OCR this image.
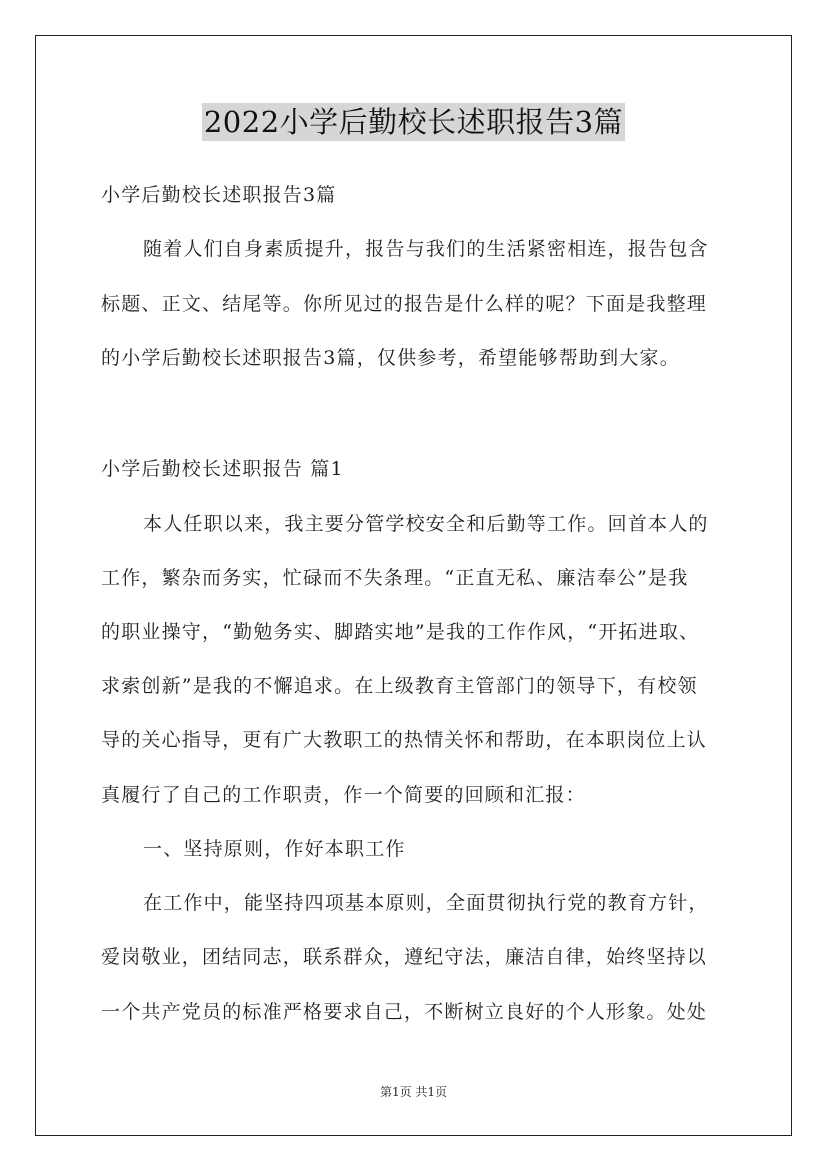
2022小学后勤校长述职报告3篇
小学后勤校长述职报告3篇
随着人们自身素质提升，报告与我们的生活紧密相连，报告包含
标题、正文、结尾等。你所见过的报告是什么样的呢？下面是我整理
的小学后勤校长述职报告3篇，仅供参考，希望能够帮助到大家。
小学后勤校长述职报告 篇1
本人任职以来，我主要分管学校安全和后勤等工作。回首本人的
工作，繁杂而务实，忙碌而不失条理。“正直无私、廉洁奉公”是我
的职业操守，“勤勉务实、脚踏实地”是我的工作作风，“开拓进取、
求索创新”是我的不懈追求。在上级教育主管部门的领导下，有校领
导的关心指导，更有广大教职工的热情关怀和帮助，在本职岗位上认
真履行了自己的工作职责，作一个简要的回顾和汇报：
一、坚持原则，作好本职工作
在工作中，能坚持四项基本原则，全面贯彻执行党的教育方针，
爱岗敬业，团结同志，联系群众，遵纪守法，廉洁自律，始终坚持以
一个共产党员的标准严格要求自己，不断树立良好的个人形象。处处
第1页 共1页
